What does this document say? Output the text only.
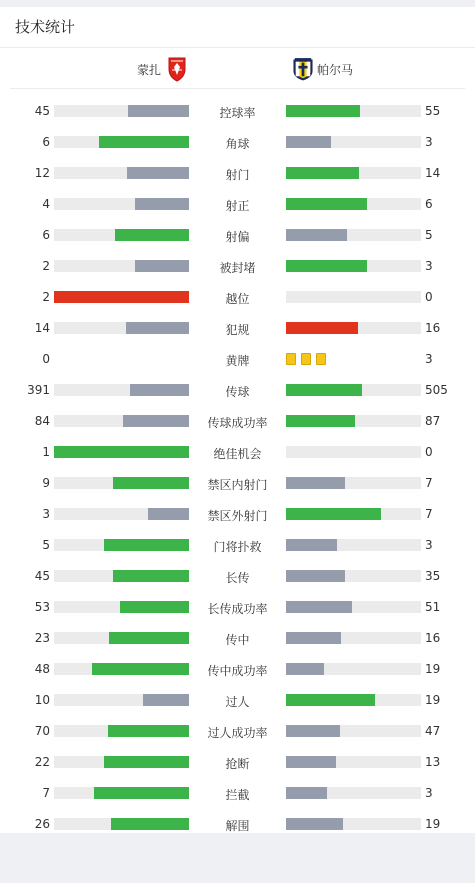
技术统计
蒙扎	帕尔马
45	控球率	55
6	角球	3
12	射门	14
4	射正	6
6	射偏	5
2	被封堵	3
2	越位	0
14	犯规	16
0	黄牌	3
391	传球	505
84	传球成功率	87
1	绝佳机会	0
9	禁区内射门	7
3	禁区外射门	7
5	门将扑救	3
45	长传	35
53	长传成功率	51
23	传中	16
48	传中成功率	19
10	过人	19
70	过人成功率	47
22	抢断	13
7	拦截	3
26	解围	19
